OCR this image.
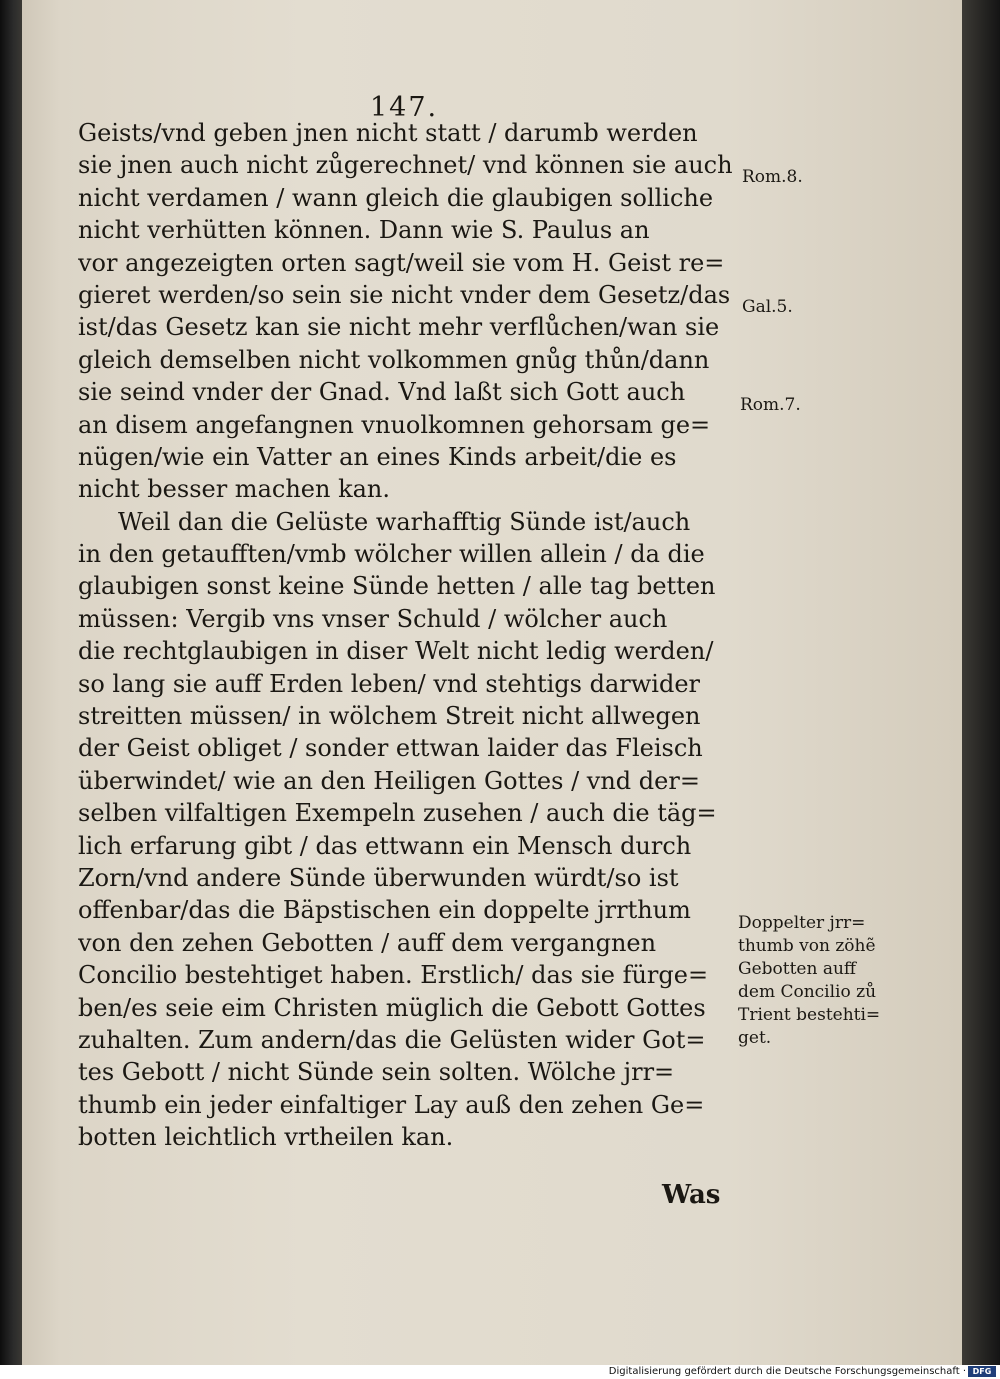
147.
Geists/vnd geben jnen nicht statt / darumb werden
sie jnen auch nicht zůgerechnet/ vnd können sie auch
nicht verdamen / wann gleich die glaubigen solliche
nicht verhütten können. Dann wie S. Paulus an
vor angezeigten orten sagt/weil sie vom H. Geist re=
gieret werden/so sein sie nicht vnder dem Gesetz/das
ist/das Gesetz kan sie nicht mehr verflůchen/wan sie
gleich demselben nicht volkommen gnůg thůn/dann
sie seind vnder der Gnad. Vnd laßt sich Gott auch
an disem angefangnen vnuolkomnen gehorsam ge=
nügen/wie ein Vatter an eines Kinds arbeit/die es
nicht besser machen kan.
Weil dan die Gelüste warhafftig Sünde ist/auch
in den getaufften/vmb wölcher willen allein / da die
glaubigen sonst keine Sünde hetten / alle tag betten
müssen: Vergib vns vnser Schuld / wölcher auch
die rechtglaubigen in diser Welt nicht ledig werden/
so lang sie auff Erden leben/ vnd stehtigs darwider
streitten müssen/ in wölchem Streit nicht allwegen
der Geist obliget / sonder ettwan laider das Fleisch
überwindet/ wie an den Heiligen Gottes / vnd der=
selben vilfaltigen Exempeln zusehen / auch die täg=
lich erfarung gibt / das ettwann ein Mensch durch
Zorn/vnd andere Sünde überwunden würdt/so ist
offenbar/das die Bäpstischen ein doppelte jrrthum
von den zehen Gebotten / auff dem vergangnen
Concilio bestehtiget haben. Erstlich/ das sie fürge=
ben/es seie eim Christen müglich die Gebott Gottes
zuhalten. Zum andern/das die Gelüsten wider Got=
tes Gebott / nicht Sünde sein solten. Wölche jrr=
thumb ein jeder einfaltiger Lay auß den zehen Ge=
botten leichtlich vrtheilen kan.
Rom.8.
Gal.5.
Rom.7.
Doppelter jrr=
thumb von zöhẽ
Gebotten auff
dem Concilio zů
Trient bestehti=
get.
Was
Digitalisierung gefördert durch die Deutsche Forschungsgemeinschaft · DFG
